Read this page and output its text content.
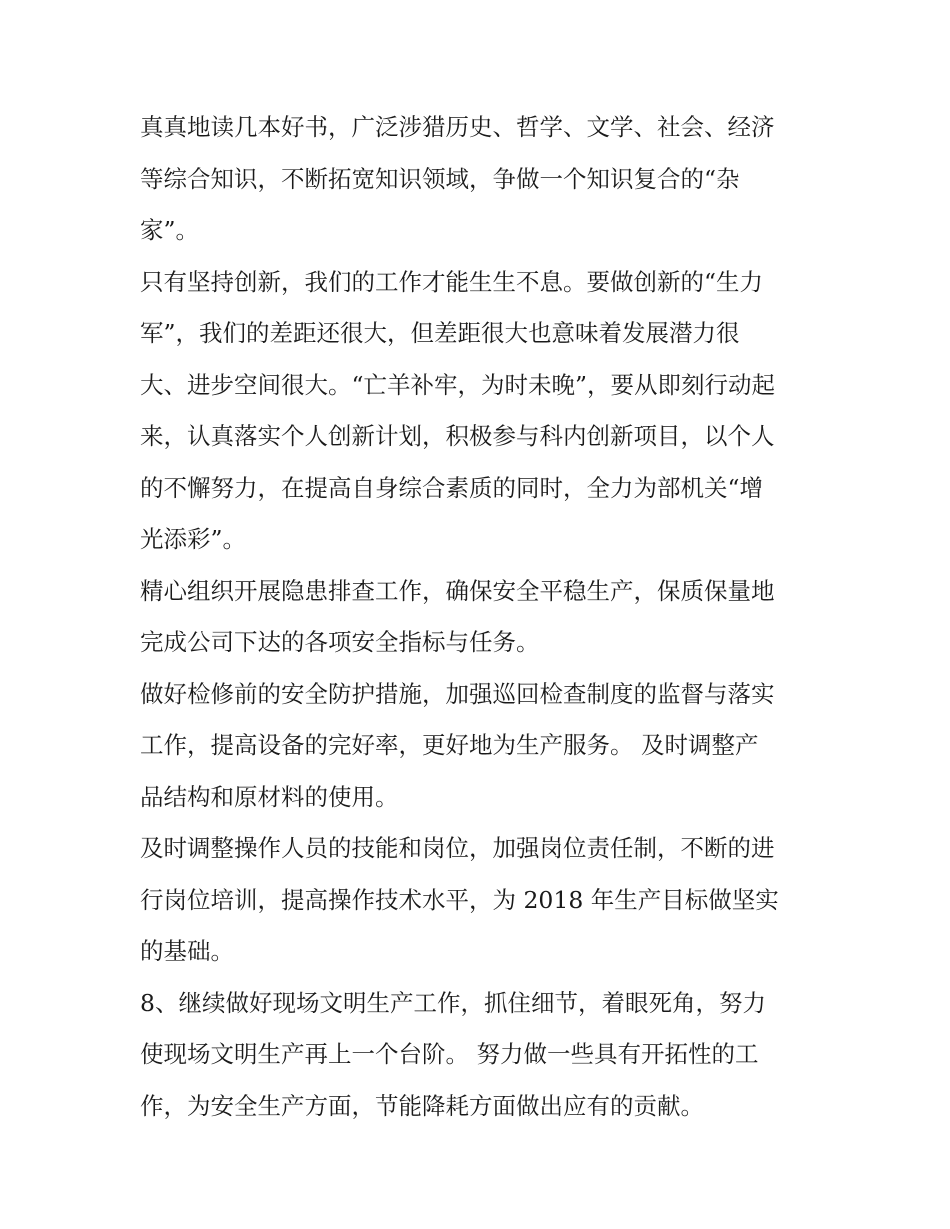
真真地读几本好书，广泛涉猎历史、哲学、文学、社会、经济
等综合知识，不断拓宽知识领域，争做一个知识复合的“杂
家”。

只有坚持创新，我们的工作才能生生不息。要做创新的“生力
军”，我们的差距还很大，但差距很大也意味着发展潜力很
大、进步空间很大。“亡羊补牢，为时未晚”，要从即刻行动起
来，认真落实个人创新计划，积极参与科内创新项目，以个人
的不懈努力，在提高自身综合素质的同时，全力为部机关“增
光添彩”。

精心组织开展隐患排查工作，确保安全平稳生产，保质保量地
完成公司下达的各项安全指标与任务。

做好检修前的安全防护措施，加强巡回检查制度的监督与落实
工作，提高设备的完好率，更好地为生产服务。 及时调整产
品结构和原材料的使用。

及时调整操作人员的技能和岗位，加强岗位责任制，不断的进
行岗位培训，提高操作技术水平，为 2018 年生产目标做坚实
的基础。

8、继续做好现场文明生产工作，抓住细节，着眼死角，努力
使现场文明生产再上一个台阶。 努力做一些具有开拓性的工
作，为安全生产方面，节能降耗方面做出应有的贡献。
